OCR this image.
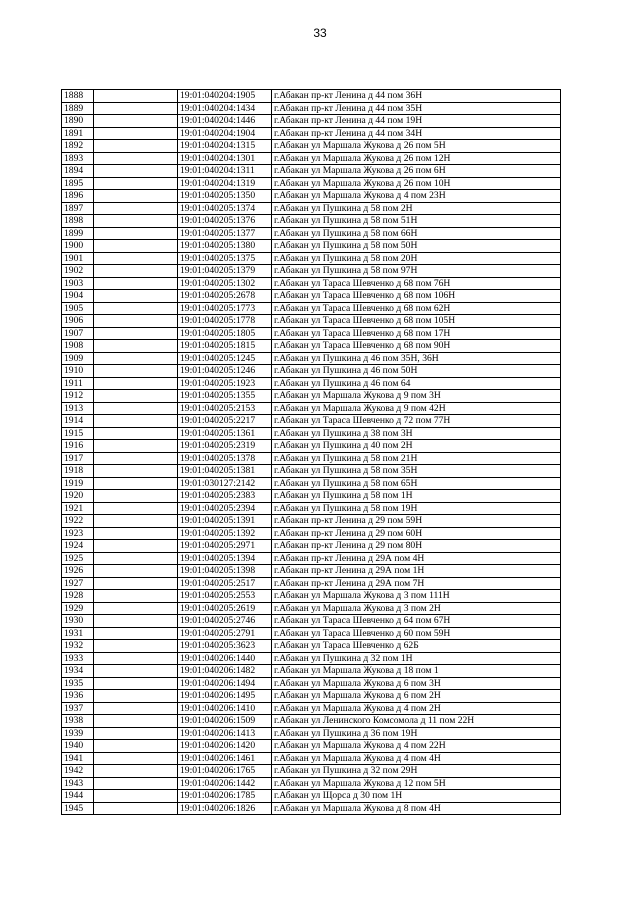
33
1888		19:01:040204:1905	г.Абакан пр-кт Ленина д 44 пом 36Н
1889		19:01:040204:1434	г.Абакан пр-кт Ленина д 44 пом 35Н
1890		19:01:040204:1446	г.Абакан пр-кт Ленина д 44 пом 19Н
1891		19:01:040204:1904	г.Абакан пр-кт Ленина д 44 пом 34Н
1892		19:01:040204:1315	г.Абакан ул Маршала Жукова д 26 пом 5Н
1893		19:01:040204:1301	г.Абакан ул Маршала Жукова д 26 пом 12Н
1894		19:01:040204:1311	г.Абакан ул Маршала Жукова д 26 пом 6Н
1895		19:01:040204:1319	г.Абакан ул Маршала Жукова д 26 пом 10Н
1896		19:01:040205:1350	г.Абакан ул Маршала Жукова д 4 пом 23Н
1897		19:01:040205:1374	г.Абакан ул Пушкина д 58 пом 2Н
1898		19:01:040205:1376	г.Абакан ул Пушкина д 58 пом 51Н
1899		19:01:040205:1377	г.Абакан ул Пушкина д 58 пом 66Н
1900		19:01:040205:1380	г.Абакан ул Пушкина д 58 пом 50Н
1901		19:01:040205:1375	г.Абакан ул Пушкина д 58 пом 20Н
1902		19:01:040205:1379	г.Абакан ул Пушкина д 58 пом 97Н
1903		19:01:040205:1302	г.Абакан ул Тараса Шевченко д 68 пом 76Н
1904		19:01:040205:2678	г.Абакан ул Тараса Шевченко д 68 пом 106Н
1905		19:01:040205:1773	г.Абакан ул Тараса Шевченко д 68 пом 62Н
1906		19:01:040205:1778	г.Абакан ул Тараса Шевченко д 68 пом 105Н
1907		19:01:040205:1805	г.Абакан ул Тараса Шевченко д 68 пом 17Н
1908		19:01:040205:1815	г.Абакан ул Тараса Шевченко д 68 пом 90Н
1909		19:01:040205:1245	г.Абакан ул Пушкина д 46 пом 35Н, 36Н
1910		19:01:040205:1246	г.Абакан ул Пушкина д 46 пом 50Н
1911		19:01:040205:1923	г.Абакан ул Пушкина д 46 пом 64
1912		19:01:040205:1355	г.Абакан ул Маршала Жукова д 9 пом 3Н
1913		19:01:040205:2153	г.Абакан ул Маршала Жукова д 9 пом 42Н
1914		19:01:040205:2217	г.Абакан ул Тараса Шевченко д 72 пом 77Н
1915		19:01:040205:1361	г.Абакан ул Пушкина д 38 пом 3Н
1916		19:01:040205:2319	г.Абакан ул Пушкина д 40 пом 2Н
1917		19:01:040205:1378	г.Абакан ул Пушкина д 58 пом 21Н
1918		19:01:040205:1381	г.Абакан ул Пушкина д 58 пом 35Н
1919		19:01:030127:2142	г.Абакан ул Пушкина д 58 пом 65Н
1920		19:01:040205:2383	г.Абакан ул Пушкина д 58 пом 1Н
1921		19:01:040205:2394	г.Абакан ул Пушкина д 58 пом 19Н
1922		19:01:040205:1391	г.Абакан пр-кт Ленина д 29 пом 59Н
1923		19:01:040205:1392	г.Абакан пр-кт Ленина д 29 пом 60Н
1924		19:01:040205:2971	г.Абакан пр-кт Ленина д 29 пом 80Н
1925		19:01:040205:1394	г.Абакан пр-кт Ленина д 29А пом 4Н
1926		19:01:040205:1398	г.Абакан пр-кт Ленина д 29А пом 1Н
1927		19:01:040205:2517	г.Абакан пр-кт Ленина д 29А пом 7Н
1928		19:01:040205:2553	г.Абакан ул Маршала Жукова д 3 пом 111Н
1929		19:01:040205:2619	г.Абакан ул Маршала Жукова д 3 пом 2Н
1930		19:01:040205:2746	г.Абакан ул Тараса Шевченко д 64 пом 67Н
1931		19:01:040205:2791	г.Абакан ул Тараса Шевченко д 60 пом 59Н
1932		19:01:040205:3623	г.Абакан ул Тараса Шевченко д 62Б
1933		19:01:040206:1440	г.Абакан ул Пушкина д 32 пом 1Н
1934		19:01:040206:1482	г.Абакан ул Маршала Жукова д 18 пом 1
1935		19:01:040206:1494	г.Абакан ул Маршала Жукова д 6 пом 3Н
1936		19:01:040206:1495	г.Абакан ул Маршала Жукова д 6 пом 2Н
1937		19:01:040206:1410	г.Абакан ул Маршала Жукова д 4 пом 2Н
1938		19:01:040206:1509	г.Абакан ул Ленинского Комсомола д 11 пом 22Н
1939		19:01:040206:1413	г.Абакан ул Пушкина д 36 пом 19Н
1940		19:01:040206:1420	г.Абакан ул Маршала Жукова д 4 пом 22Н
1941		19:01:040206:1461	г.Абакан ул Маршала Жукова д 4 пом 4Н
1942		19:01:040206:1765	г.Абакан ул Пушкина д 32 пом 29Н
1943		19:01:040206:1442	г.Абакан ул Маршала Жукова д 12 пом 5Н
1944		19:01:040206:1785	г.Абакан ул Щорса д 30 пом 1Н
1945		19:01:040206:1826	г.Абакан ул Маршала Жукова д 8 пом 4Н
